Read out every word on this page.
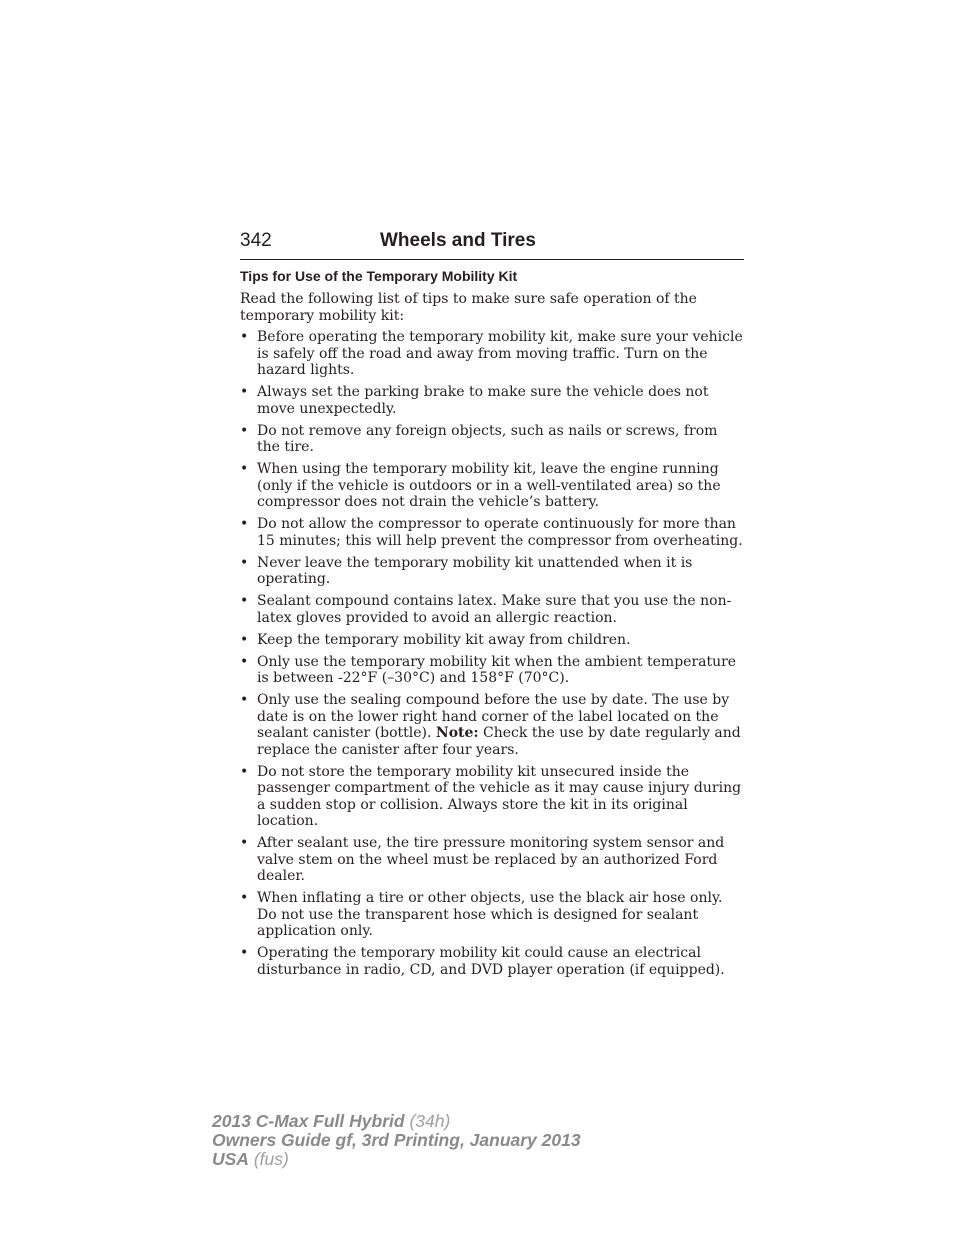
342	Wheels and Tires
Tips for Use of the Temporary Mobility Kit

Read the following list of tips to make sure safe operation of the temporary mobility kit:

• Before operating the temporary mobility kit, make sure your vehicle is safely off the road and away from moving traffic. Turn on the hazard lights.
• Always set the parking brake to make sure the vehicle does not move unexpectedly.
• Do not remove any foreign objects, such as nails or screws, from the tire.
• When using the temporary mobility kit, leave the engine running (only if the vehicle is outdoors or in a well-ventilated area) so the compressor does not drain the vehicle’s battery.
• Do not allow the compressor to operate continuously for more than 15 minutes; this will help prevent the compressor from overheating.
• Never leave the temporary mobility kit unattended when it is operating.
• Sealant compound contains latex. Make sure that you use the non-latex gloves provided to avoid an allergic reaction.
• Keep the temporary mobility kit away from children.
• Only use the temporary mobility kit when the ambient temperature is between -22°F (–30°C) and 158°F (70°C).
• Only use the sealing compound before the use by date. The use by date is on the lower right hand corner of the label located on the sealant canister (bottle). Note: Check the use by date regularly and replace the canister after four years.
• Do not store the temporary mobility kit unsecured inside the passenger compartment of the vehicle as it may cause injury during a sudden stop or collision. Always store the kit in its original location.
• After sealant use, the tire pressure monitoring system sensor and valve stem on the wheel must be replaced by an authorized Ford dealer.
• When inflating a tire or other objects, use the black air hose only. Do not use the transparent hose which is designed for sealant application only.
• Operating the temporary mobility kit could cause an electrical disturbance in radio, CD, and DVD player operation (if equipped).
2013 C-Max Full Hybrid (34h)
Owners Guide gf, 3rd Printing, January 2013
USA (fus)
